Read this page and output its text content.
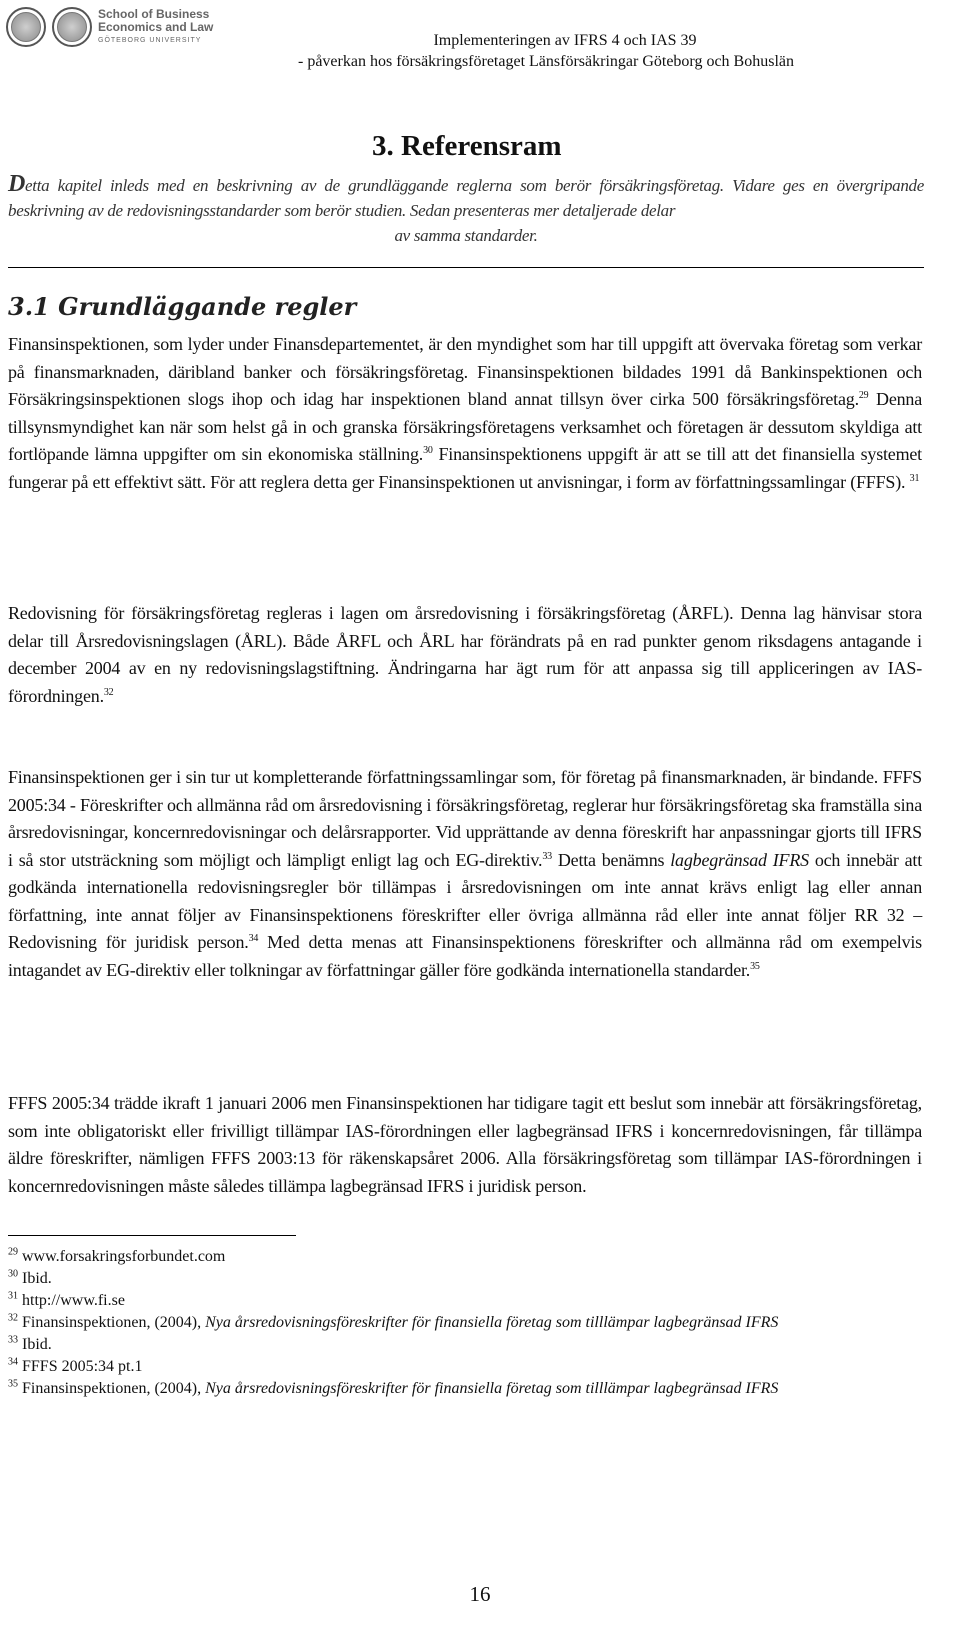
School of Business
Economics and Law
GÖTEBORG UNIVERSITY	Implementeringen av IFRS 4 och IAS 39
- påverkan hos försäkringsföretaget Länsförsäkringar Göteborg och Bohuslän
3. Referensram
Detta kapitel inleds med en beskrivning av de grundläggande reglerna som berör försäkringsföretag. Vidare ges en övergripande beskrivning av de redovisningsstandarder som berör studien. Sedan presenteras mer detaljerade delar
av samma standarder.
3.1 Grundläggande regler

Finansinspektionen, som lyder under Finansdepartementet, är den myndighet som har till uppgift att övervaka företag som verkar på finansmarknaden, däribland banker och försäkringsföretag. Finansinspektionen bildades 1991 då Bankinspektionen och Försäkringsinspektionen slogs ihop och idag har inspektionen bland annat tillsyn över cirka 500 försäkringsföretag.$^{29}$ Denna tillsynsmyndighet kan när som helst gå in och granska försäkringsföretagens verksamhet och företagen är dessutom skyldiga att fortlöpande lämna uppgifter om sin ekonomiska ställning.$^{30}$ Finansinspektionens uppgift är att se till att det finansiella systemet fungerar på ett effektivt sätt. För att reglera detta ger Finansinspektionen ut anvisningar, i form av författningssamlingar (FFFS). $^{31}$

Redovisning för försäkringsföretag regleras i lagen om årsredovisning i försäkringsföretag (ÅRFL). Denna lag hänvisar stora delar till Årsredovisningslagen (ÅRL). Både ÅRFL och ÅRL har förändrats på en rad punkter genom riksdagens antagande i december 2004 av en ny redovisningslagstiftning. Ändringarna har ägt rum för att anpassa sig till appliceringen av IAS-förordningen.$^{32}$

Finansinspektionen ger i sin tur ut kompletterande författningssamlingar som, för företag på finansmarknaden, är bindande. FFFS 2005:34 - Föreskrifter och allmänna råd om årsredovisning i försäkringsföretag, reglerar hur försäkringsföretag ska framställa sina årsredovisningar, koncernredovisningar och delårsrapporter. Vid upprättande av denna föreskrift har anpassningar gjorts till IFRS i så stor utsträckning som möjligt och lämpligt enligt lag och EG-direktiv.$^{33}$ Detta benämns lagbegränsad IFRS och innebär att godkända internationella redovisningsregler bör tillämpas i årsredovisningen om inte annat krävs enligt lag eller annan författning, inte annat följer av Finansinspektionens föreskrifter eller övriga allmänna råd eller inte annat följer RR 32 – Redovisning för juridisk person.$^{34}$ Med detta menas att Finansinspektionens föreskrifter och allmänna råd om exempelvis intagandet av EG-direktiv eller tolkningar av författningar gäller före godkända internationella standarder.$^{35}$

FFFS 2005:34 trädde ikraft 1 januari 2006 men Finansinspektionen har tidigare tagit ett beslut som innebär att försäkringsföretag, som inte obligatoriskt eller frivilligt tillämpar IAS-förordningen eller lagbegränsad IFRS i koncernredovisningen, får tillämpa äldre föreskrifter, nämligen FFFS 2003:13 för räkenskapsåret 2006. Alla försäkringsföretag som tillämpar IAS-förordningen i koncernredovisningen måste således tillämpa lagbegränsad IFRS i juridisk person.

$^{29}$ www.forsakringsforbundet.com

$^{30}$ Ibid.

$^{31}$ http://www.fi.se

$^{32}$ Finansinspektionen, (2004), Nya årsredovisningsföreskrifter för finansiella företag som tilllämpar lagbegränsad IFRS

$^{33}$ Ibid.

$^{34}$ FFFS 2005:34 pt.1

$^{35}$ Finansinspektionen, (2004), Nya årsredovisningsföreskrifter för finansiella företag som tilllämpar lagbegränsad IFRS

16
